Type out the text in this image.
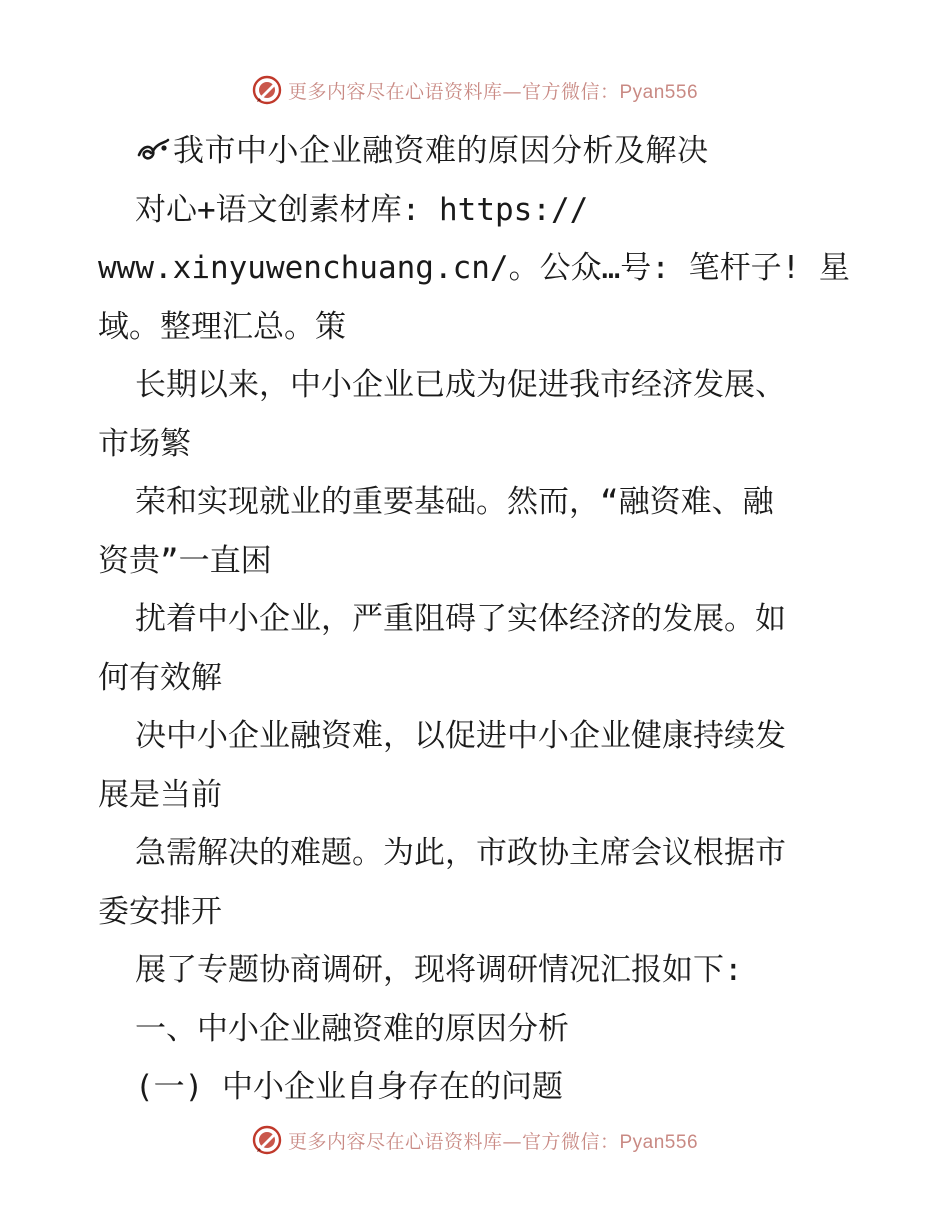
更多内容尽在心语资料库—官方微信：Pyan556
我市中小企业融资难的原因分析及解决
对心+语文创素材库: https://
www.xinyuwenchuang.cn/。公众…号: 笔杆子! 星
域。整理汇总。策
长期以来，中小企业已成为促进我市经济发展、
市场繁
荣和实现就业的重要基础。然而，“融资难、融
资贵”一直困
扰着中小企业，严重阻碍了实体经济的发展。如
何有效解
决中小企业融资难，以促进中小企业健康持续发
展是当前
急需解决的难题。为此，市政协主席会议根据市
委安排开
展了专题协商调研，现将调研情况汇报如下:
一、中小企业融资难的原因分析
(一) 中小企业自身存在的问题
更多内容尽在心语资料库—官方微信：Pyan556
